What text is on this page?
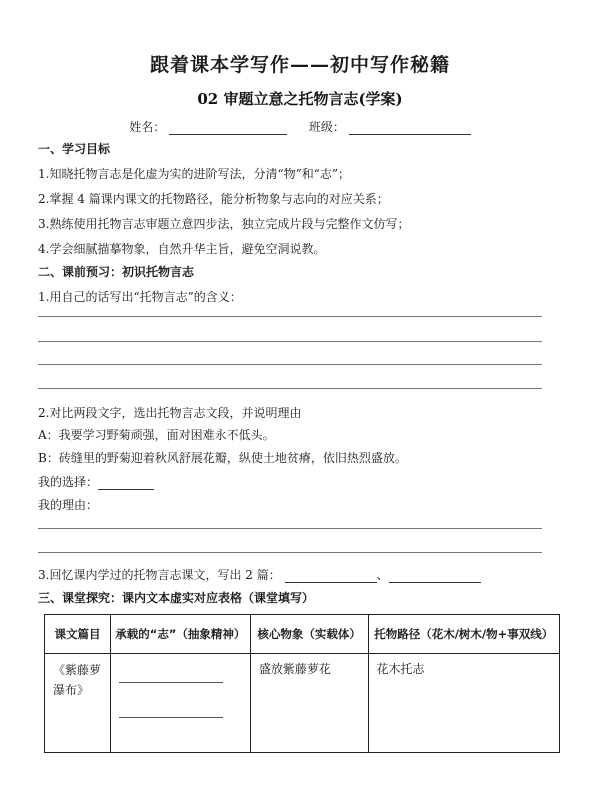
跟着课本学写作——初中写作秘籍
02 审题立意之托物言志(学案)
姓名：	班级：
一、学习目标
1.知晓托物言志是化虚为实的进阶写法，分清“物”和“志”；
2.掌握 4 篇课内课文的托物路径，能分析物象与志向的对应关系；
3.熟练使用托物言志审题立意四步法，独立完成片段与完整作文仿写；
4.学会细腻描摹物象，自然升华主旨，避免空洞说教。
二、课前预习：初识托物言志
1.用自己的话写出“托物言志”的含义：
2.对比两段文字，选出托物言志文段，并说明理由
A：我要学习野菊顽强，面对困难永不低头。
B：砖缝里的野菊迎着秋风舒展花瓣，纵使土地贫瘠，依旧热烈盛放。
我的选择：
我的理由：
3.回忆课内学过的托物言志课文，写出 2 篇：	、
三、课堂探究：课内文本虚实对应表格（课堂填写）
课文篇目	承载的“志”（抽象精神）	核心物象（实载体）	托物路径（花木/树木/物+事双线）
《紫藤萝瀑布》		盛放紫藤萝花	花木托志
